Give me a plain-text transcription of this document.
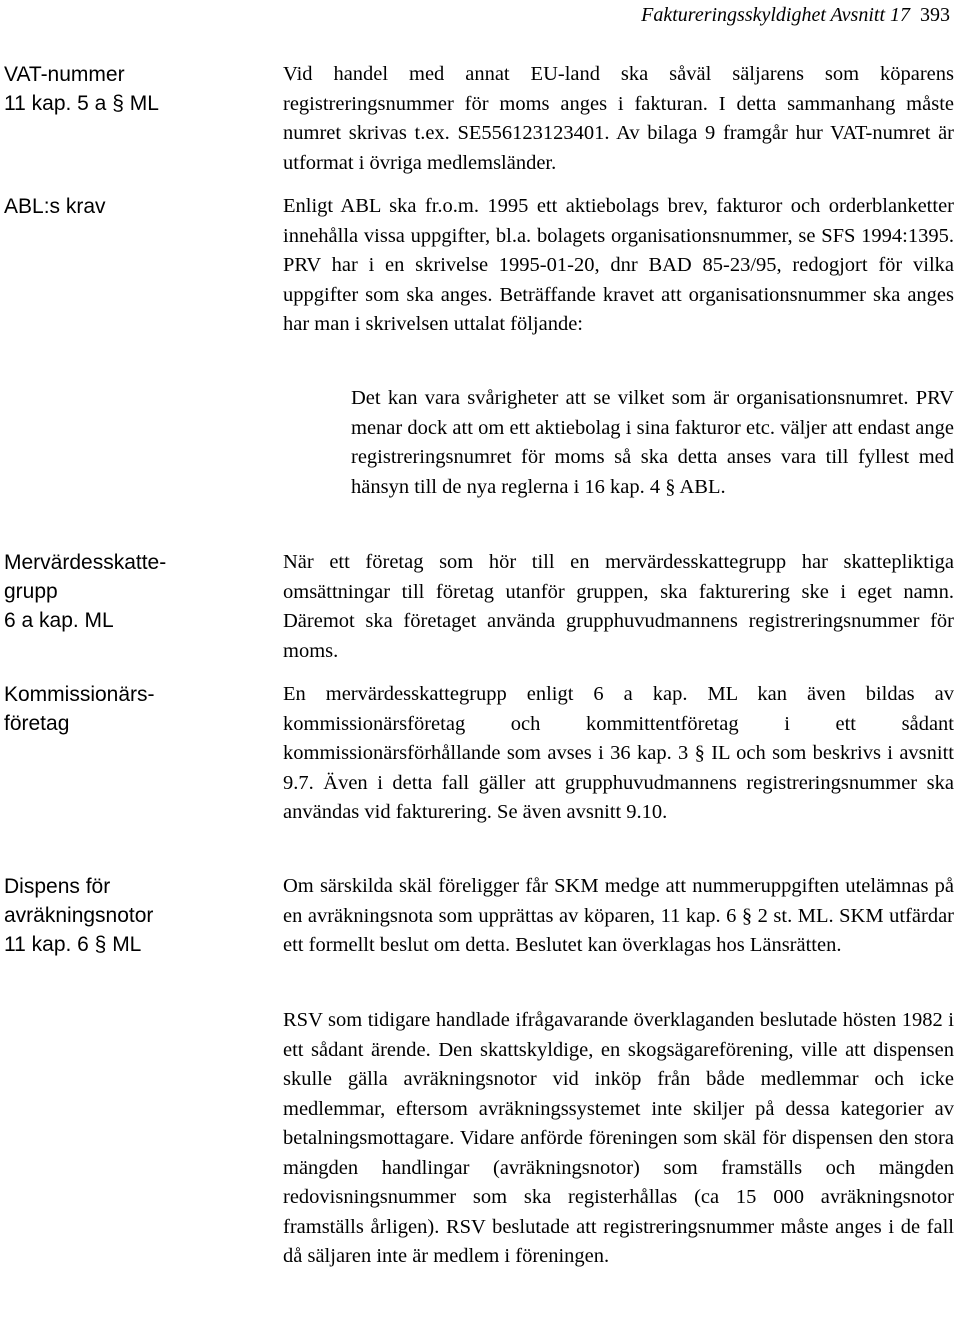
Faktureringsskyldighet Avsnitt 17 393
VAT-nummer
11 kap. 5 a § ML
ABL:s krav
Mervärdesskatte-
grupp
6 a kap. ML
Kommissionärs-
företag
Dispens för
avräkningsnotor
11 kap. 6 § ML

Vid handel med annat EU-land ska såväl säljarens som köparens registreringsnummer för moms anges i fakturan. I detta sammanhang måste numret skrivas t.ex. SE556123123401. Av bilaga 9 framgår hur VAT-numret är utformat i övriga medlemsländer.

Enligt ABL ska fr.o.m. 1995 ett aktiebolags brev, fakturor och orderblanketter innehålla vissa uppgifter, bl.a. bolagets organisationsnummer, se SFS 1994:1395. PRV har i en skrivelse 1995-01-20, dnr BAD 85-23/95, redogjort för vilka uppgifter som ska anges. Beträffande kravet att organisationsnummer ska anges har man i skrivelsen uttalat följande:

Det kan vara svårigheter att se vilket som är organisationsnumret. PRV menar dock att om ett aktiebolag i sina fakturor etc. väljer att endast ange registreringsnumret för moms så ska detta anses vara till fyllest med hänsyn till de nya reglerna i 16 kap. 4 § ABL.

När ett företag som hör till en mervärdesskattegrupp har skattepliktiga omsättningar till företag utanför gruppen, ska fakturering ske i eget namn. Däremot ska företaget använda grupphuvudmannens registreringsnummer för moms.

En mervärdesskattegrupp enligt 6 a kap. ML kan även bildas av kommissionärsföretag och kommittentföretag i ett sådant kommissionärsförhållande som avses i 36 kap. 3 § IL och som beskrivs i avsnitt 9.7. Även i detta fall gäller att grupphuvudmannens registreringsnummer ska användas vid fakturering. Se även avsnitt 9.10.

Om särskilda skäl föreligger får SKM medge att nummeruppgiften utelämnas på en avräkningsnota som upprättas av köparen, 11 kap. 6 § 2 st. ML. SKM utfärdar ett formellt beslut om detta. Beslutet kan överklagas hos Länsrätten.

RSV som tidigare handlade ifrågavarande överklaganden beslutade hösten 1982 i ett sådant ärende. Den skattskyldige, en skogsägareförening, ville att dispensen skulle gälla avräkningsnotor vid inköp från både medlemmar och icke medlemmar, eftersom avräkningssystemet inte skiljer på dessa kategorier av betalningsmottagare. Vidare anförde föreningen som skäl för dispensen den stora mängden handlingar (avräkningsnotor) som framställs och mängden redovisningsnummer som ska registerhållas (ca 15 000 avräkningsnotor framställs årligen). RSV beslutade att registreringsnummer måste anges i de fall då säljaren inte är medlem i föreningen.
